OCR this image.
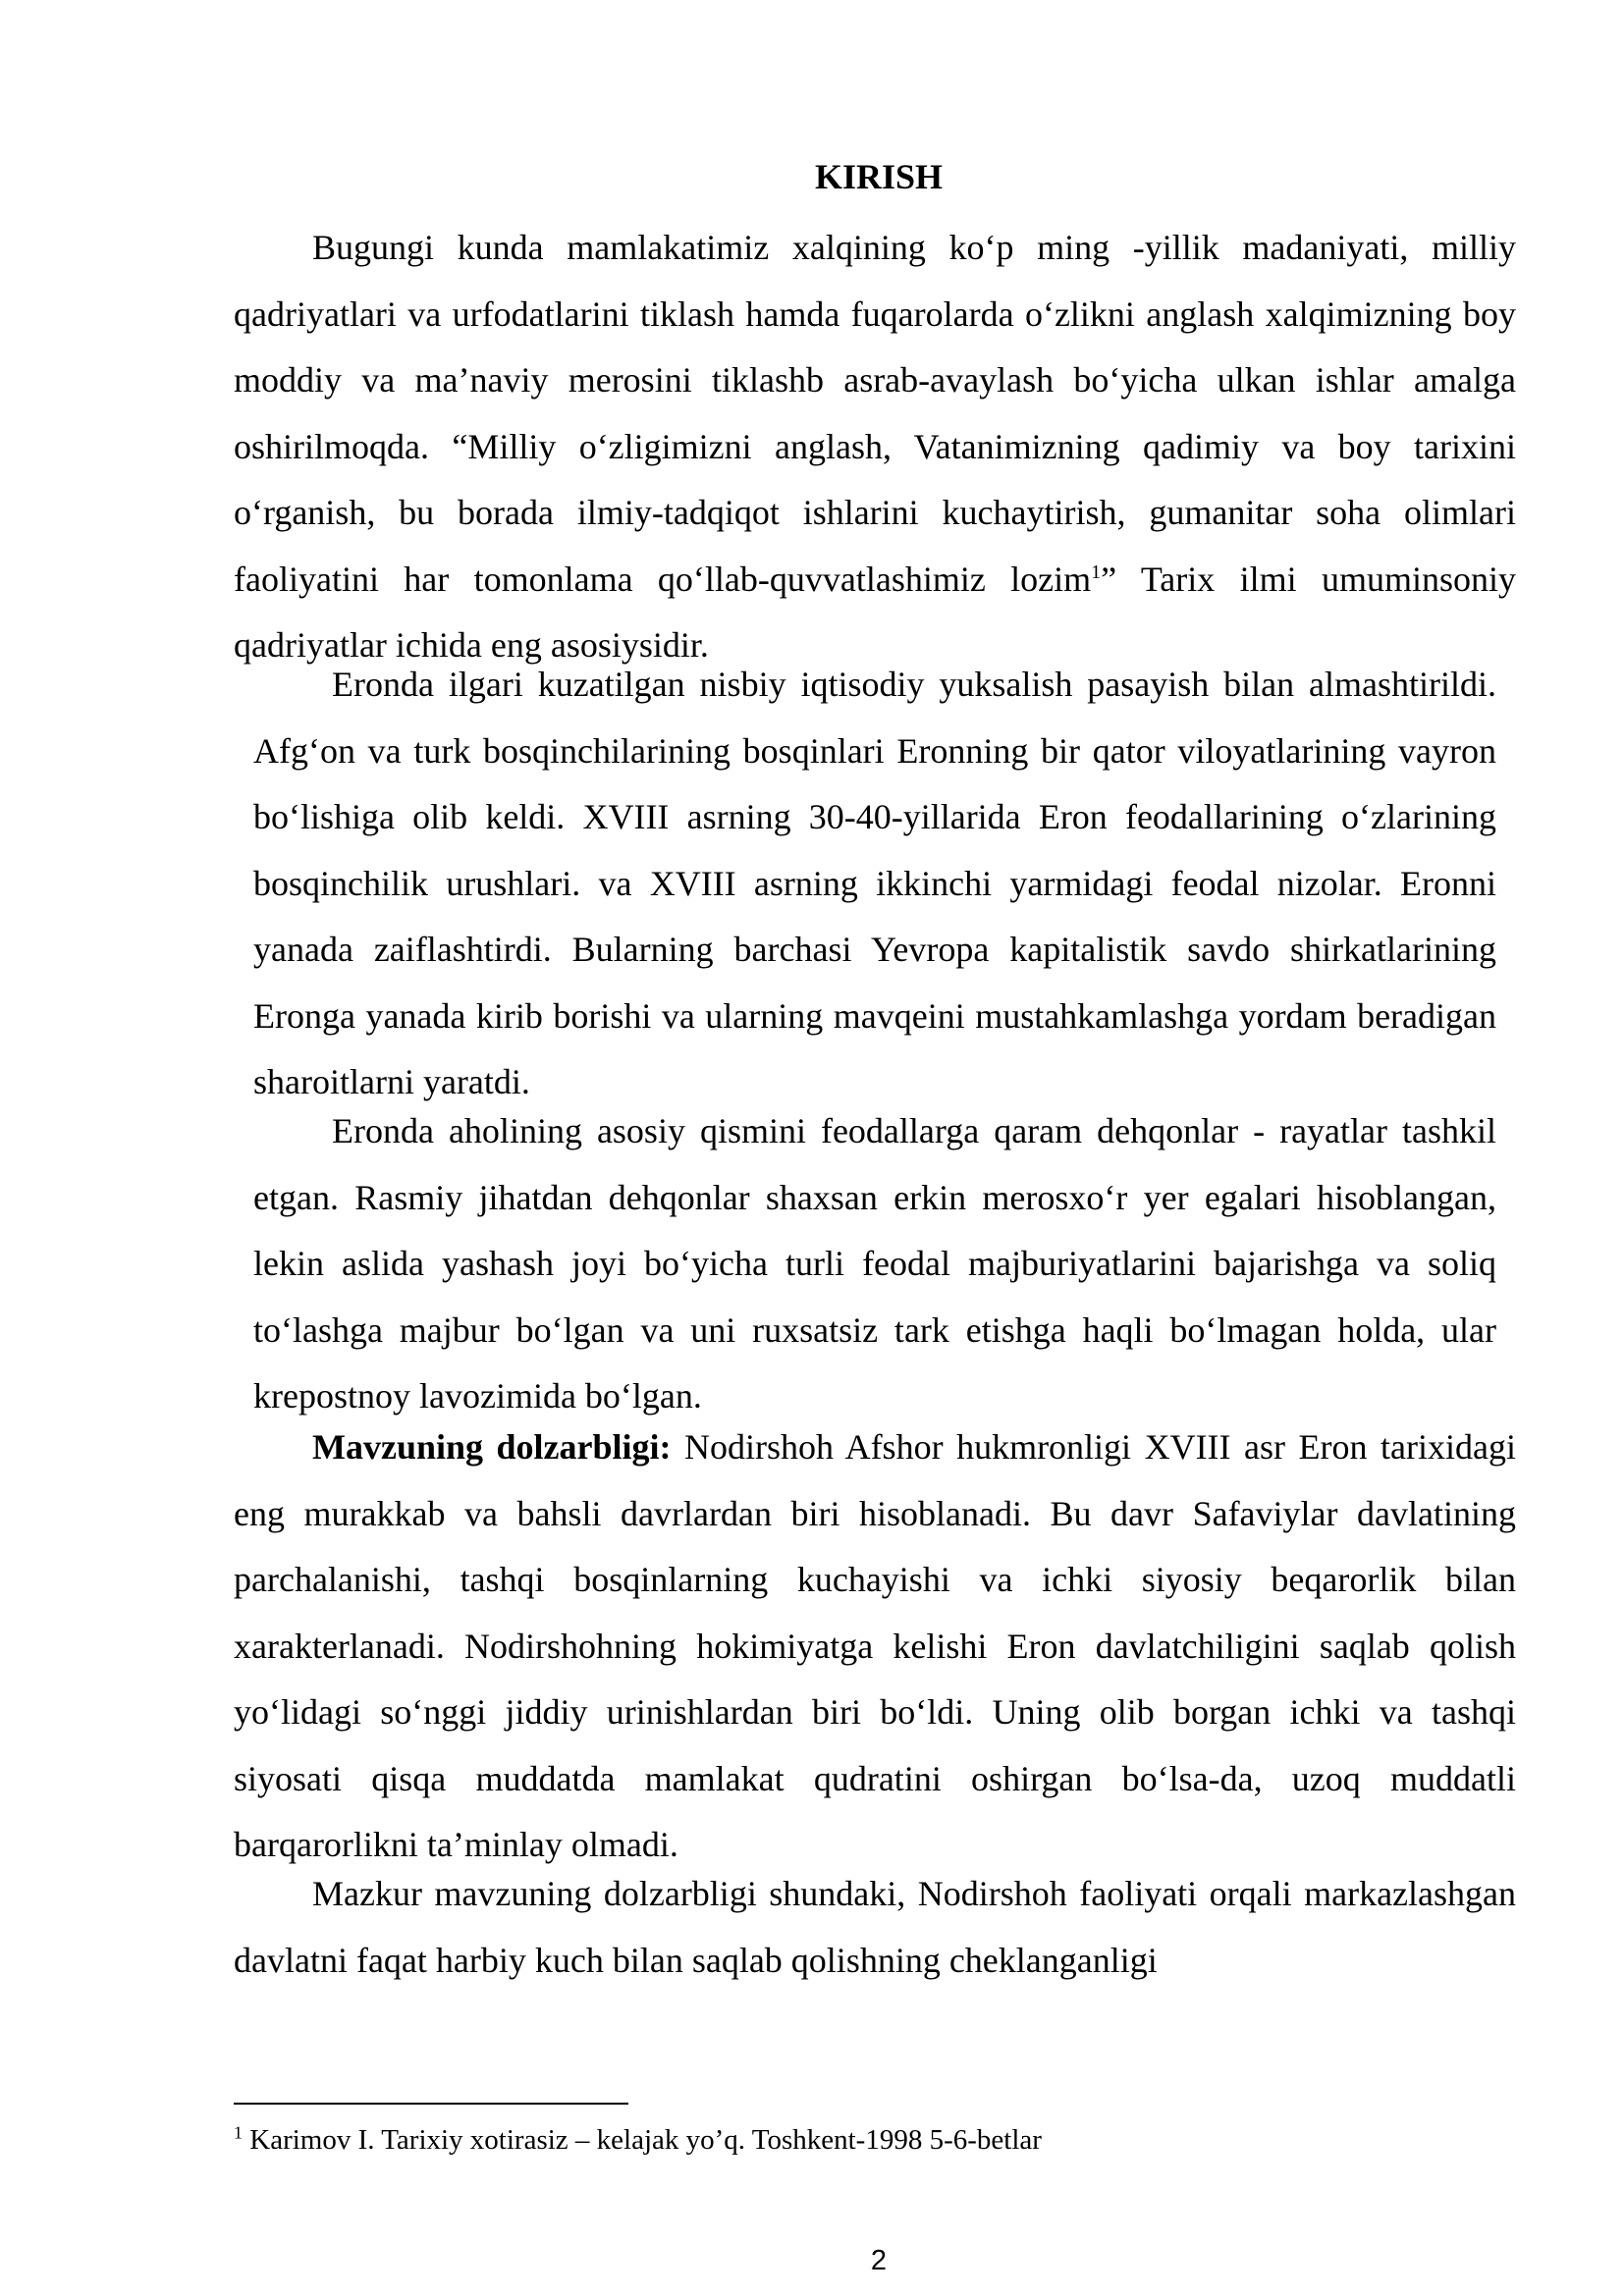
KIRISH

Bugungi kunda mamlakatimiz xalqining ko‘p ming -yillik madaniyati, milliy qadriyatlari va urfodatlarini tiklash hamda fuqarolarda o‘zlikni anglash xalqimizning boy moddiy va ma’naviy merosini tiklashb asrab-avaylash bo‘yicha ulkan ishlar amalga oshirilmoqda. “Milliy o‘zligimizni anglash, Vatanimizning qadimiy va boy tarixini o‘rganish, bu borada ilmiy-tadqiqot ishlarini kuchaytirish, gumanitar soha olimlari faoliyatini har tomonlama qo‘llab-quvvatlashimiz lozim$^1$” Tarix ilmi umuminsoniy qadriyatlar ichida eng asosiysidir.

Eronda ilgari kuzatilgan nisbiy iqtisodiy yuksalish pasayish bilan almashtirildi. Afg‘on va turk bosqinchilarining bosqinlari Eronning bir qator viloyatlarining vayron bo‘lishiga olib keldi. XVIII asrning 30-40-yillarida Eron feodallarining o‘zlarining bosqinchilik urushlari. va XVIII asrning ikkinchi yarmidagi feodal nizolar. Eronni yanada zaiflashtirdi. Bularning barchasi Yevropa kapitalistik savdo shirkatlarining Eronga yanada kirib borishi va ularning mavqeini mustahkamlashga yordam beradigan sharoitlarni yaratdi.

Eronda aholining asosiy qismini feodallarga qaram dehqonlar - rayatlar tashkil etgan. Rasmiy jihatdan dehqonlar shaxsan erkin merosxo‘r yer egalari hisoblangan, lekin aslida yashash joyi bo‘yicha turli feodal majburiyatlarini bajarishga va soliq to‘lashga majbur bo‘lgan va uni ruxsatsiz tark etishga haqli bo‘lmagan holda, ular krepostnoy lavozimida bo‘lgan.

Mavzuning dolzarbligi: Nodirshoh Afshor hukmronligi XVIII asr Eron tarixidagi eng murakkab va bahsli davrlardan biri hisoblanadi. Bu davr Safaviylar davlatining parchalanishi, tashqi bosqinlarning kuchayishi va ichki siyosiy beqarorlik bilan xarakterlanadi. Nodirshohning hokimiyatga kelishi Eron davlatchiligini saqlab qolish yo‘lidagi so‘nggi jiddiy urinishlardan biri bo‘ldi. Uning olib borgan ichki va tashqi siyosati qisqa muddatda mamlakat qudratini oshirgan bo‘lsa-da, uzoq muddatli barqarorlikni ta’minlay olmadi.

Mazkur mavzuning dolzarbligi shundaki, Nodirshoh faoliyati orqali markazlashgan davlatni faqat harbiy kuch bilan saqlab qolishning cheklanganligi

$^1$ Karimov I. Tarixiy xotirasiz – kelajak yo’q. Toshkent-1998 5-6-betlar

2
